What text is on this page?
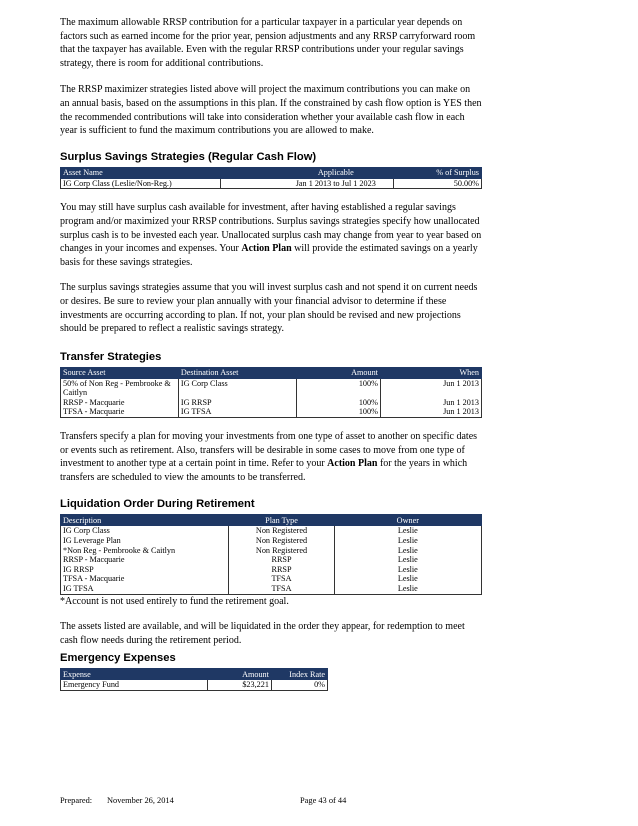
The maximum allowable RRSP contribution for a particular taxpayer in a particular year depends on factors such as earned income for the prior year, pension adjustments and any RRSP carryforward room that the taxpayer has available. Even with the regular RRSP contributions under your regular savings strategy, there is room for additional contributions.

The RRSP maximizer strategies listed above will project the maximum contributions you can make on an annual basis, based on the assumptions in this plan. If the constrained by cash flow option is YES then the recommended contributions will take into consideration whether your available cash flow in each year is sufficient to fund the maximum contributions you are allowed to make.

Surplus Savings Strategies (Regular Cash Flow)
Asset Name	Applicable	% of Surplus
IG Corp Class (Leslie/Non-Reg.)	Jan 1 2013 to Jul 1 2023	50.00%

You may still have surplus cash available for investment, after having established a regular savings program and/or maximized your RRSP contributions. Surplus savings strategies specify how unallocated surplus cash is to be invested each year. Unallocated surplus cash may change from year to year based on changes in your incomes and expenses. Your Action Plan will provide the estimated savings on a yearly basis for these savings strategies.

The surplus savings strategies assume that you will invest surplus cash and not spend it on current needs or desires. Be sure to review your plan annually with your financial advisor to determine if these investments are occurring according to plan. If not, your plan should be revised and new projections should be prepared to reflect a realistic savings strategy.

Transfer Strategies
Source Asset	Destination Asset	Amount	When
50% of Non Reg - Pembrooke & Caitlyn	IG Corp Class	100%	Jun 1 2013
RRSP - Macquarie	IG RRSP	100%	Jun 1 2013
TFSA - Macquarie	IG TFSA	100%	Jun 1 2013

Transfers specify a plan for moving your investments from one type of asset to another on specific dates or events such as retirement. Also, transfers will be desirable in some cases to move from one type of investment to another type at a certain point in time. Refer to your Action Plan for the years in which transfers are scheduled to view the amounts to be transferred.

Liquidation Order During Retirement
Description	Plan Type	Owner
IG Corp Class	Non Registered	Leslie
IG Leverage Plan	Non Registered	Leslie
*Non Reg - Pembrooke & Caitlyn	Non Registered	Leslie
RRSP - Macquarie	RRSP	Leslie
IG RRSP	RRSP	Leslie
TFSA - Macquarie	TFSA	Leslie
IG TFSA	TFSA	Leslie

*Account is not used entirely to fund the retirement goal.

The assets listed are available, and will be liquidated in the order they appear, for redemption to meet cash flow needs during the retirement period.

Emergency Expenses
Expense	Amount	Index Rate
Emergency Fund	$23,221	0%
Prepared: November 26, 2014	Page 43 of 44
